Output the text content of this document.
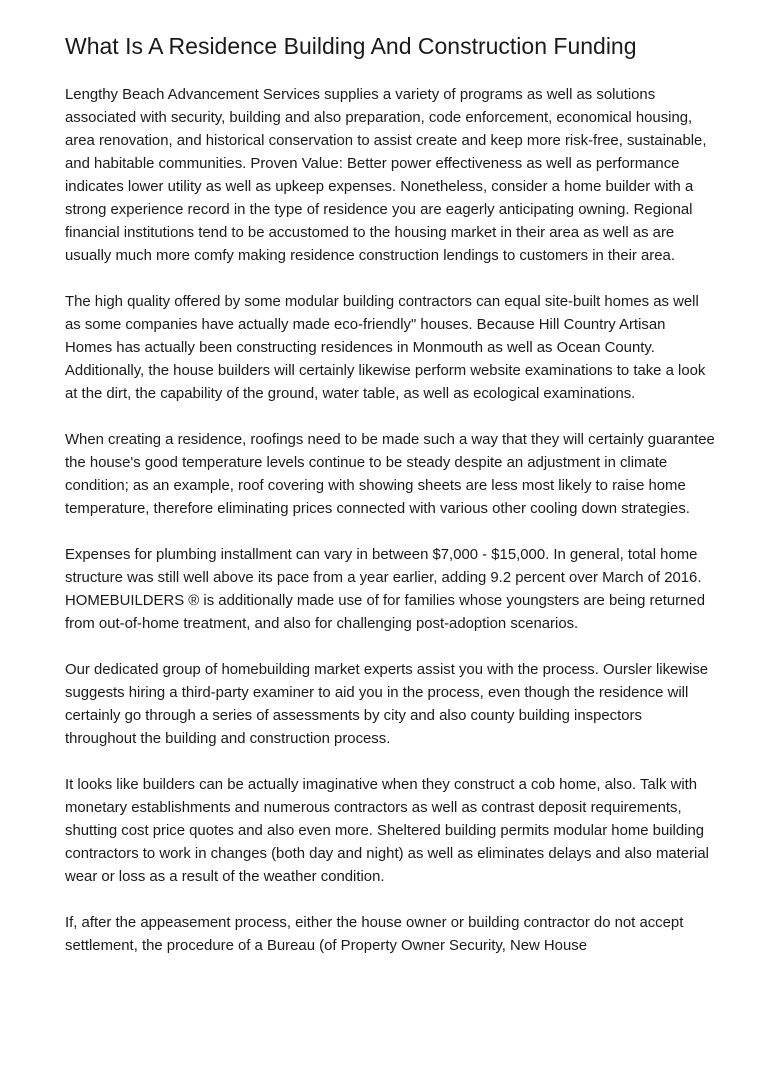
What Is A Residence Building And Construction Funding

Lengthy Beach Advancement Services supplies a variety of programs as well as solutions associated with security, building and also preparation, code enforcement, economical housing, area renovation, and historical conservation to assist create and keep more risk-free, sustainable, and habitable communities. Proven Value: Better power effectiveness as well as performance indicates lower utility as well as upkeep expenses. Nonetheless, consider a home builder with a strong experience record in the type of residence you are eagerly anticipating owning. Regional financial institutions tend to be accustomed to the housing market in their area as well as are usually much more comfy making residence construction lendings to customers in their area.

The high quality offered by some modular building contractors can equal site-built homes as well as some companies have actually made eco-friendly" houses. Because Hill Country Artisan Homes has actually been constructing residences in Monmouth as well as Ocean County. Additionally, the house builders will certainly likewise perform website examinations to take a look at the dirt, the capability of the ground, water table, as well as ecological examinations.

When creating a residence, roofings need to be made such a way that they will certainly guarantee the house's good temperature levels continue to be steady despite an adjustment in climate condition; as an example, roof covering with showing sheets are less most likely to raise home temperature, therefore eliminating prices connected with various other cooling down strategies.

Expenses for plumbing installment can vary in between $7,000 - $15,000. In general, total home structure was still well above its pace from a year earlier, adding 9.2 percent over March of 2016. HOMEBUILDERS ® is additionally made use of for families whose youngsters are being returned from out-of-home treatment, and also for challenging post-adoption scenarios.

Our dedicated group of homebuilding market experts assist you with the process. Oursler likewise suggests hiring a third-party examiner to aid you in the process, even though the residence will certainly go through a series of assessments by city and also county building inspectors throughout the building and construction process.

It looks like builders can be actually imaginative when they construct a cob home, also. Talk with monetary establishments and numerous contractors as well as contrast deposit requirements, shutting cost price quotes and also even more. Sheltered building permits modular home building contractors to work in changes (both day and night) as well as eliminates delays and also material wear or loss as a result of the weather condition.

If, after the appeasement process, either the house owner or building contractor do not accept settlement, the procedure of a Bureau (of Property Owner Security, New House
